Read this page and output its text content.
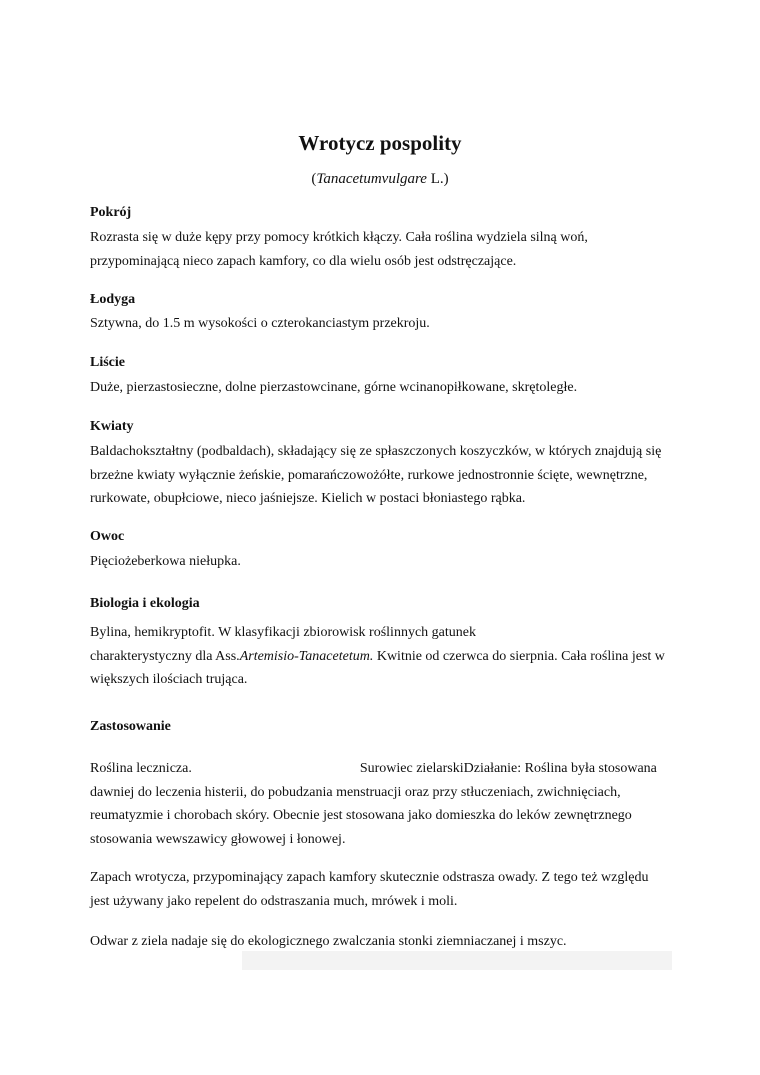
Wrotycz pospolity
(Tanacetumvulgare L.)
Pokrój
Rozrasta się w duże kępy przy pomocy krótkich kłączy. Cała roślina wydziela silną woń,
przypominającą nieco zapach kamfory, co dla wielu osób jest odstręczające.
Łodyga
Sztywna, do 1.5 m wysokości o czterokanciastym przekroju.
Liście
Duże, pierzastosieczne, dolne pierzastowcinane, górne wcinanopiłkowane, skrętoległe.
Kwiaty
Baldachokształtny (podbaldach), składający się ze spłaszczonych koszyczków, w których znajdują się
brzeżne kwiaty wyłącznie żeńskie, pomarańczowożółte, rurkowe jednostronnie ścięte, wewnętrzne,
rurkowate, obupłciowe, nieco jaśniejsze. Kielich w postaci błoniastego rąbka.
Owoc
Pięciożeberkowa niełupka.
Biologia i ekologia
Bylina, hemikryptofit. W klasyfikacji zbiorowisk roślinnych gatunek
charakterystyczny dla Ass.Artemisio-Tanacetetum. Kwitnie od czerwca do sierpnia. Cała roślina jest w
większych ilościach trująca.
Zastosowanie
Roślina lecznicza.	Surowiec zielarskiDziałanie: Roślina była stosowana
dawniej do leczenia histerii, do pobudzania menstruacji oraz przy stłuczeniach, zwichnięciach,
reumatyzmie i chorobach skóry. Obecnie jest stosowana jako domieszka do leków zewnętrznego
stosowania wewszawicy głowowej i łonowej.
Zapach wrotycza, przypominający zapach kamfory skutecznie odstrasza owady. Z tego też względu
jest używany jako repelent do odstraszania much, mrówek i moli.
Odwar z ziela nadaje się do ekologicznego zwalczania stonki ziemniaczanej i mszyc.
